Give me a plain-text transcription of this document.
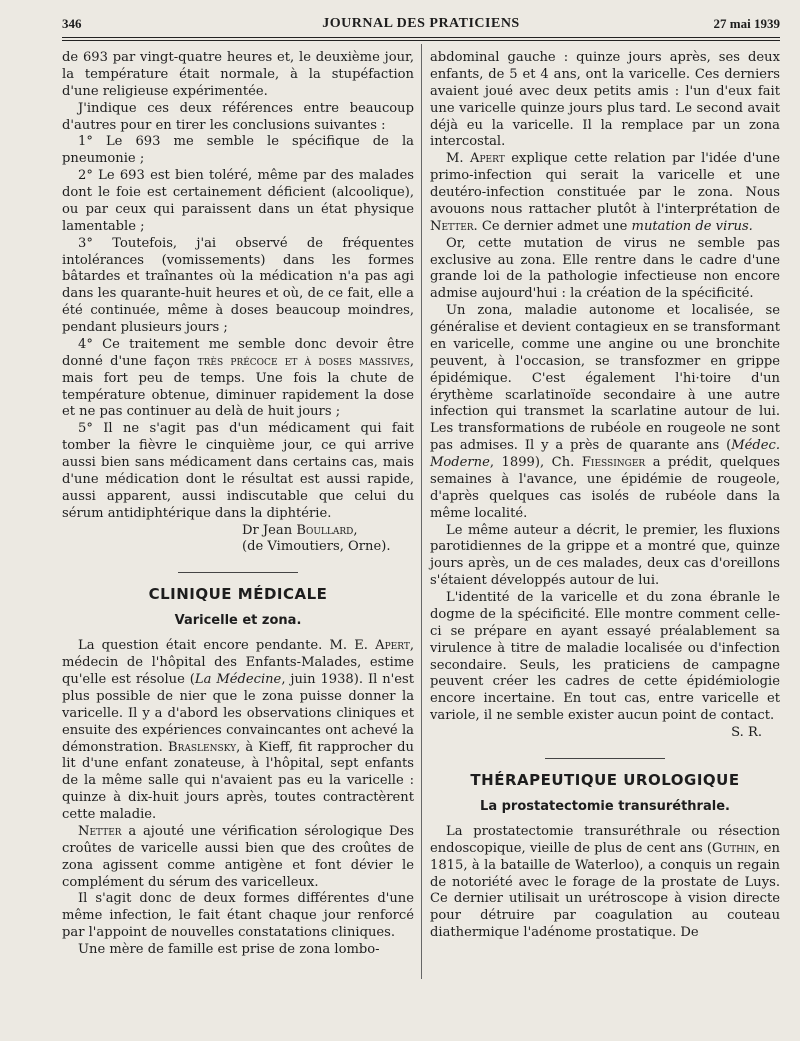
346	JOURNAL DES PRATICIENS	27 mai 1939

de 693 par vingt-quatre heures et, le deuxième jour, la température était normale, à la stupéfaction d'une religieuse expérimentée.

J'indique ces deux références entre beaucoup d'autres pour en tirer les conclusions suivantes :

1° Le 693 me semble le spécifique de la pneumonie ;

2° Le 693 est bien toléré, même par des malades dont le foie est certainement déficient (alcoolique), ou par ceux qui paraissent dans un état physique lamentable ;

3° Toutefois, j'ai observé de fréquentes intolérances (vomissements) dans les formes bâtardes et traînantes où la médication n'a pas agi dans les quarante-huit heures et où, de ce fait, elle a été continuée, même à doses beaucoup moindres, pendant plusieurs jours ;

4° Ce traitement me semble donc devoir être donné d'une façon très précoce et à doses massives, mais fort peu de temps. Une fois la chute de température obtenue, diminuer rapidement la dose et ne pas continuer au delà de huit jours ;

5° Il ne s'agit pas d'un médicament qui fait tomber la fièvre le cinquième jour, ce qui arrive aussi bien sans médicament dans certains cas, mais d'une médication dont le résultat est aussi rapide, aussi apparent, aussi indiscutable que celui du sérum antidiphtérique dans la diphtérie.

Dr Jean Boullard,
(de Vimoutiers, Orne).
CLINIQUE MÉDICALE
Varicelle et zona.

La question était encore pendante. M. E. Apert, médecin de l'hôpital des Enfants-Malades, estime qu'elle est résolue (La Médecine, juin 1938). Il n'est plus possible de nier que le zona puisse donner la varicelle. Il y a d'abord les observations cliniques et ensuite des expériences convaincantes ont achevé la démonstration. Braslensky, à Kieff, fit rapprocher du lit d'une enfant zonateuse, à l'hôpital, sept enfants de la même salle qui n'avaient pas eu la varicelle : quinze à dix-huit jours après, toutes contractèrent cette maladie.

Netter a ajouté une vérification sérologique Des croûtes de varicelle aussi bien que des croûtes de zona agissent comme antigène et font dévier le complément du sérum des varicelleux.

Il s'agit donc de deux formes différentes d'une même infection, le fait étant chaque jour renforcé par l'appoint de nouvelles constatations cliniques.

Une mère de famille est prise de zona lombo-

abdominal gauche : quinze jours après, ses deux enfants, de 5 et 4 ans, ont la varicelle. Ces derniers avaient joué avec deux petits amis : l'un d'eux fait une varicelle quinze jours plus tard. Le second avait déjà eu la varicelle. Il la remplace par un zona intercostal.

M. Apert explique cette relation par l'idée d'une primo-infection qui serait la varicelle et une deutéro-infection constituée par le zona. Nous avouons nous rattacher plutôt à l'interprétation de Netter. Ce dernier admet une mutation de virus.

Or, cette mutation de virus ne semble pas exclusive au zona. Elle rentre dans le cadre d'une grande loi de la pathologie infectieuse non encore admise aujourd'hui : la création de la spécificité.

Un zona, maladie autonome et localisée, se généralise et devient contagieux en se transformant en varicelle, comme une angine ou une bronchite peuvent, à l'occasion, se transfozmer en grippe épidémique. C'est également l'hi·toire d'un érythème scarlatinoïde secondaire à une autre infection qui transmet la scarlatine autour de lui. Les transformations de rubéole en rougeole ne sont pas admises. Il y a près de quarante ans (Médec. Moderne, 1899), Ch. Fiessinger a prédit, quelques semaines à l'avance, une épidémie de rougeole, d'après quelques cas isolés de rubéole dans la même localité.

Le même auteur a décrit, le premier, les fluxions parotidiennes de la grippe et a montré que, quinze jours après, un de ces malades, deux cas d'oreillons s'étaient développés autour de lui.

L'identité de la varicelle et du zona ébranle le dogme de la spécificité. Elle montre comment celle-ci se prépare en ayant essayé préalablement sa virulence à titre de maladie localisée ou d'infection secondaire. Seuls, les praticiens de campagne peuvent créer les cadres de cette épidémiologie encore incertaine. En tout cas, entre varicelle et variole, il ne semble exister aucun point de contact.

S. R.
THÉRAPEUTIQUE UROLOGIQUE
La prostatectomie transuréthrale.

La prostatectomie transuréthrale ou résection endoscopique, vieille de plus de cent ans (Guthin, en 1815, à la bataille de Waterloo), a conquis un regain de notoriété avec le forage de la prostate de Luys. Ce dernier utilisait un urétroscope à vision directe pour détruire par coagulation au couteau diathermique l'adénome prostatique. De
